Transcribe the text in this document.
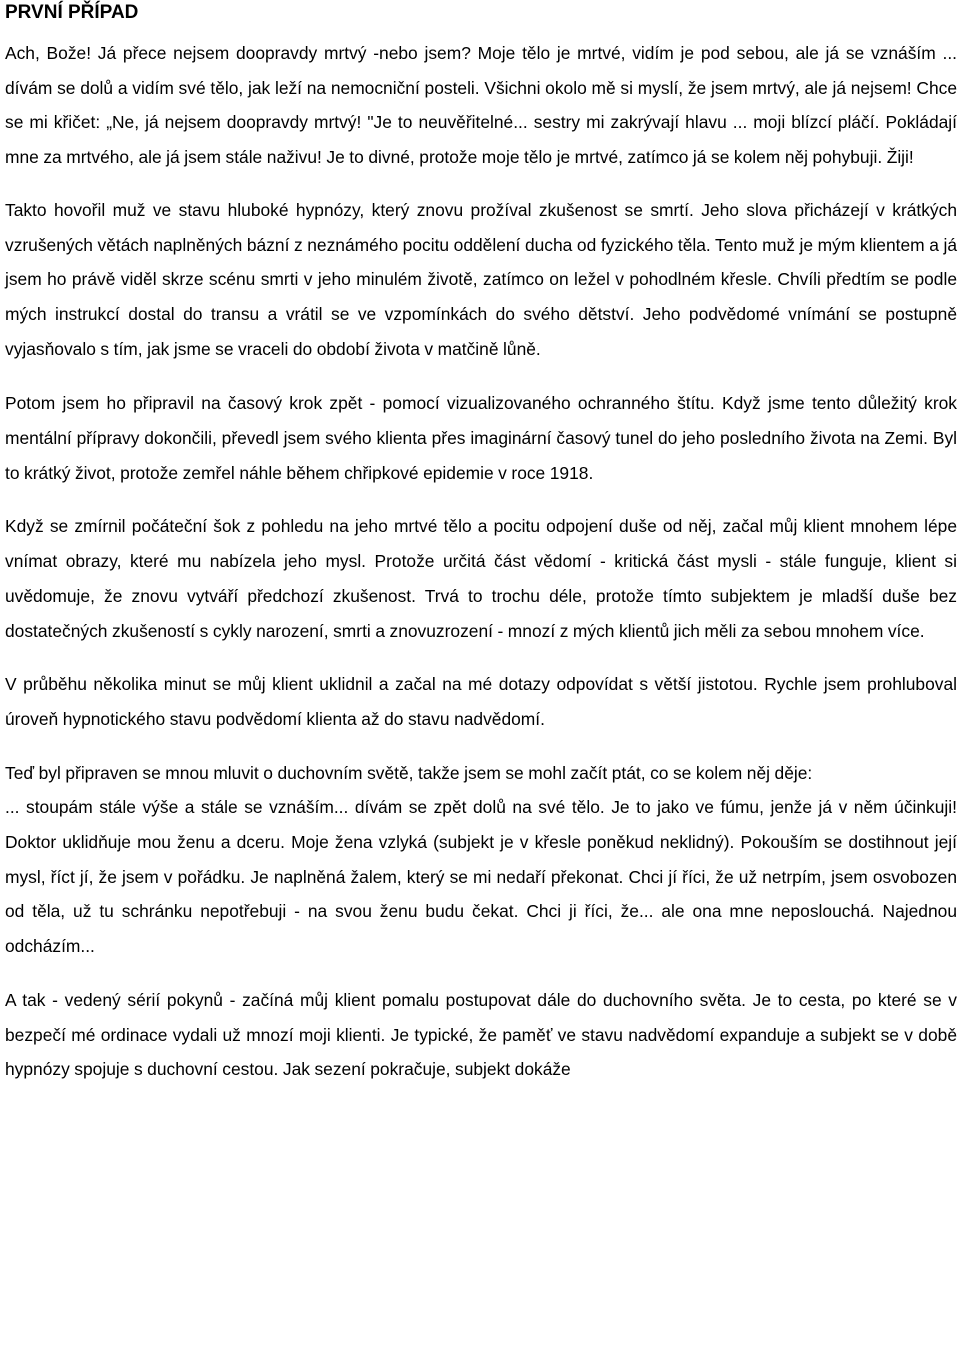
PRVNÍ PŘÍPAD

Ach, Bože! Já přece nejsem doopravdy mrtvý -nebo jsem? Moje tělo je mrtvé, vidím je pod sebou, ale já se vznáším ... dívám se dolů a vidím své tělo, jak leží na nemocniční posteli. Všichni okolo mě si myslí, že jsem mrtvý, ale já nejsem! Chce se mi křičet: „Ne, já nejsem doopravdy mrtvý! "Je to neuvěřitelné... sestry mi zakrývají hlavu ... moji blízcí pláčí. Pokládají mne za mrtvého, ale já jsem stále naživu! Je to divné, protože moje tělo je mrtvé, zatímco já se kolem něj pohybuji. Žiji!

Takto hovořil muž ve stavu hluboké hypnózy, který znovu prožíval zkušenost se smrtí. Jeho slova přicházejí v krátkých vzrušených větách naplněných bázní z neznámého pocitu oddělení ducha od fyzického těla. Tento muž je mým klientem a já jsem ho právě viděl skrze scénu smrti v jeho minulém životě, zatímco on ležel v pohodlném křesle. Chvíli předtím se podle mých instrukcí dostal do transu a vrátil se ve vzpomínkách do svého dětství. Jeho podvědomé vnímání se postupně vyjasňovalo s tím, jak jsme se vraceli do období života v matčině lůně.

Potom jsem ho připravil na časový krok zpět - pomocí vizualizovaného ochranného štítu. Když jsme tento důležitý krok mentální přípravy dokončili, převedl jsem svého klienta přes imaginární časový tunel do jeho posledního života na Zemi. Byl to krátký život, protože zemřel náhle během chřipkové epidemie v roce 1918.

Když se zmírnil počáteční šok z pohledu na jeho mrtvé tělo a pocitu odpojení duše od něj, začal můj klient mnohem lépe vnímat obrazy, které mu nabízela jeho mysl. Protože určitá část vědomí - kritická část mysli - stále funguje, klient si uvědomuje, že znovu vytváří předchozí zkušenost. Trvá to trochu déle, protože tímto subjektem je mladší duše bez dostatečných zkušeností s cykly narození, smrti a znovuzrození - mnozí z mých klientů jich měli za sebou mnohem více.

V průběhu několika minut se můj klient uklidnil a začal na mé dotazy odpovídat s větší jistotou. Rychle jsem prohluboval úroveň hypnotického stavu podvědomí klienta až do stavu nadvědomí.

Teď byl připraven se mnou mluvit o duchovním světě, takže jsem se mohl začít ptát, co se kolem něj děje:

... stoupám stále výše a stále se vznáším... dívám se zpět dolů na své tělo. Je to jako ve fúmu, jenže já v něm účinkuji! Doktor uklidňuje mou ženu a dceru. Moje žena vzlyká (subjekt je v křesle poněkud neklidný). Pokouším se dostihnout její mysl, říct jí, že jsem v pořádku. Je naplněná žalem, který se mi nedaří překonat. Chci jí říci, že už netrpím, jsem osvobozen od těla, už tu schránku nepotřebuji - na svou ženu budu čekat. Chci ji říci, že... ale ona mne neposlouchá. Najednou odcházím...

A tak - vedený sérií pokynů - začíná můj klient pomalu postupovat dále do duchovního světa. Je to cesta, po které se v bezpečí mé ordinace vydali už mnozí moji klienti. Je typické, že paměť ve stavu nadvědomí expanduje a subjekt se v době hypnózy spojuje s duchovní cestou. Jak sezení pokračuje, subjekt dokáže
